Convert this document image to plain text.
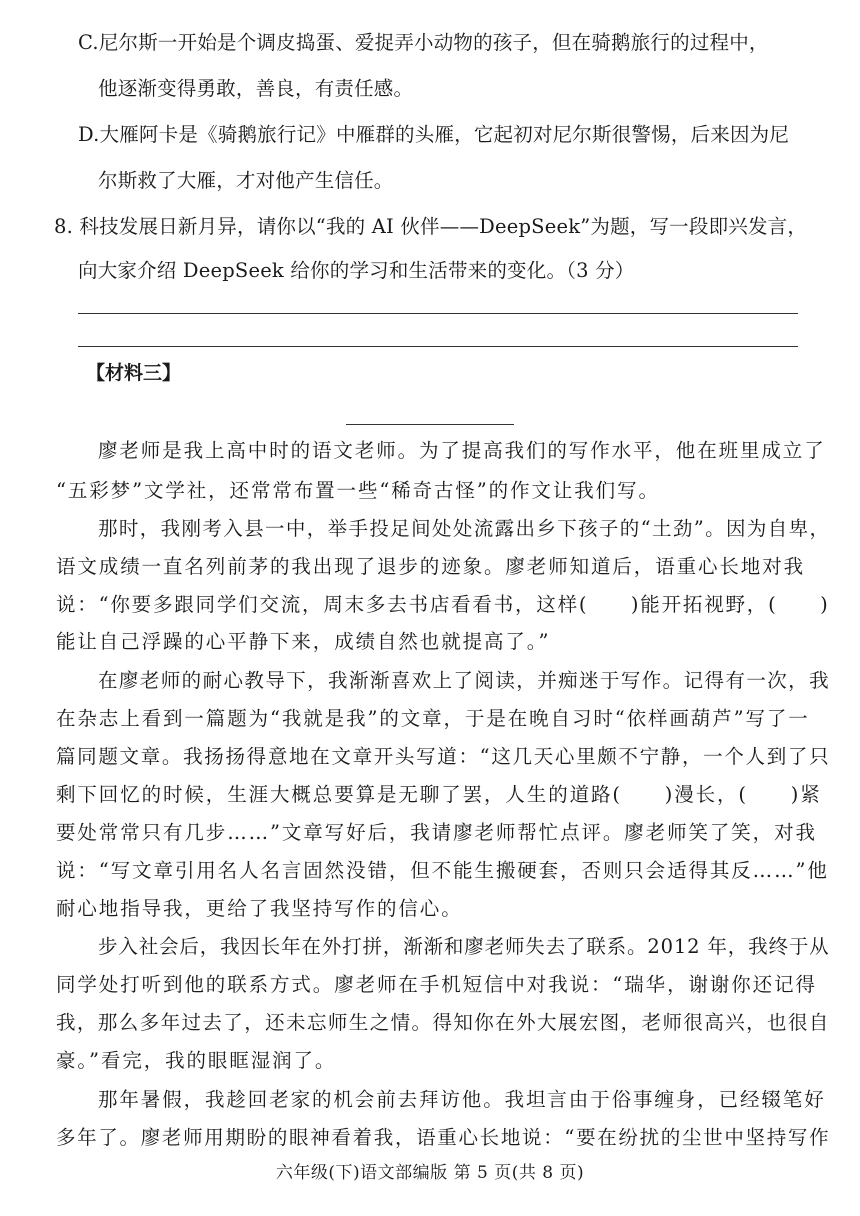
C.尼尔斯一开始是个调皮捣蛋、爱捉弄小动物的孩子，但在骑鹅旅行的过程中，
他逐渐变得勇敢，善良，有责任感。
D.大雁阿卡是《骑鹅旅行记》中雁群的头雁，它起初对尼尔斯很警惕，后来因为尼
尔斯救了大雁，才对他产生信任。
8. 科技发展日新月异，请你以“我的 AI 伙伴——DeepSeek”为题，写一段即兴发言，
向大家介绍 DeepSeek 给你的学习和生活带来的变化。（3 分）
【材料三】
廖老师是我上高中时的语文老师。为了提高我们的写作水平，他在班里成立了
“五彩梦”文学社，还常常布置一些“稀奇古怪”的作文让我们写。
那时，我刚考入县一中，举手投足间处处流露出乡下孩子的“土劲”。因为自卑，
语文成绩一直名列前茅的我出现了退步的迹象。廖老师知道后，语重心长地对我
说：“你要多跟同学们交流，周末多去书店看看书，这样(　　)能开拓视野，(　　)
能让自己浮躁的心平静下来，成绩自然也就提高了。”
在廖老师的耐心教导下，我渐渐喜欢上了阅读，并痴迷于写作。记得有一次，我
在杂志上看到一篇题为“我就是我”的文章，于是在晚自习时“依样画葫芦”写了一
篇同题文章。我扬扬得意地在文章开头写道：“这几天心里颇不宁静，一个人到了只
剩下回忆的时候，生涯大概总要算是无聊了罢，人生的道路(　　)漫长，(　　)紧
要处常常只有几步……”文章写好后，我请廖老师帮忙点评。廖老师笑了笑，对我
说：“写文章引用名人名言固然没错，但不能生搬硬套，否则只会适得其反……”他
耐心地指导我，更给了我坚持写作的信心。
步入社会后，我因长年在外打拼，渐渐和廖老师失去了联系。2012 年，我终于从
同学处打听到他的联系方式。廖老师在手机短信中对我说：“瑞华，谢谢你还记得
我，那么多年过去了，还未忘师生之情。得知你在外大展宏图，老师很高兴，也很自
豪。”看完，我的眼眶湿润了。
那年暑假，我趁回老家的机会前去拜访他。我坦言由于俗事缠身，已经辍笔好
多年了。廖老师用期盼的眼神看着我，语重心长地说：“要在纷扰的尘世中坚持写作
六年级(下)语文部编版 第 5 页(共 8 页)
